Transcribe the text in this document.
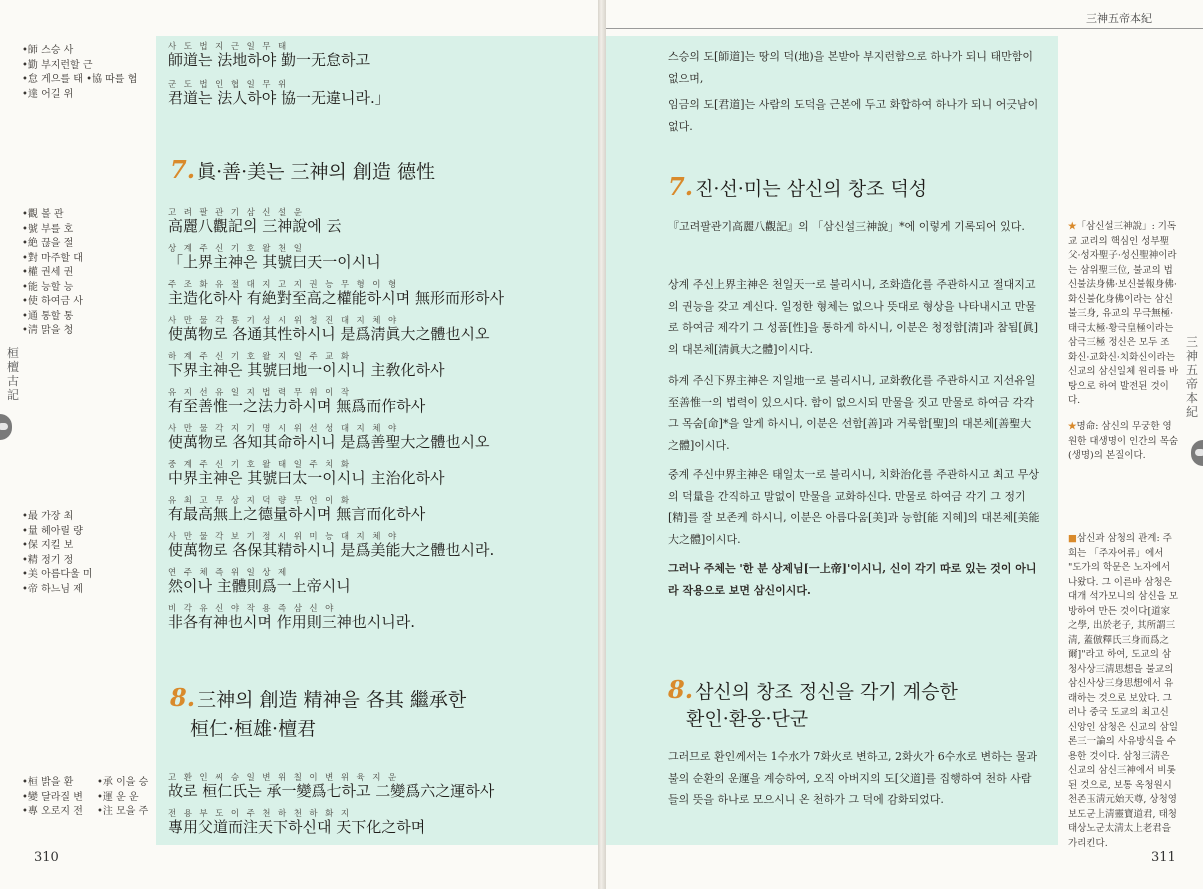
•師 스승 사
•勤 부지런할 근
•怠 게으를 태 •協 따를 협
•達 어길 위
•觀 볼 관
•號 부를 호
•絶 끊을 절
•對 마주할 대
•權 권세 권
•能 능할 능
•使 하여금 사
•通 통할 통
•淸 맑을 청
•最 가장 최
•量 헤아릴 량
•保 지킬 보
•精 정기 정
•美 아름다울 미
•帝 하느님 제
•桓 밝을 환
•變 달라질 변
•專 오로지 전
•承 이을 승
•運 운 운
•注 모을 주
桓檀古記
사 도 법 지 근 일 무 태
師道는 法地하야 勤一无怠하고
군 도 법 인 협 일 무 위
君道는 法人하야 協一无違니라.」
7. 眞·善·美는 三神의 創造 德性
고 려 팔 관 기 삼 신 설 운
高麗八觀記의 三神說에 云
상 계 주 신 기 호 왈 천 일
「上界主神은 其號曰天一이시니
주 조 화 유 절 대 지 고 지 권 능 무 형 이 형
主造化하사 有絶對至高之權能하시며 無形而形하사
사 만 물 각 통 기 성 시 위 청 진 대 지 체 야
使萬物로 各通其性하시니 是爲淸眞大之體也시오
하 계 주 신 기 호 왈 지 일 주 교 화
下界主神은 其號曰地一이시니 主敎化하사
유 지 선 유 일 지 법 력 무 위 이 작
有至善惟一之法力하시며 無爲而作하사
사 만 물 각 지 기 명 시 위 선 성 대 지 체 야
使萬物로 各知其命하시니 是爲善聖大之體也시오
중 계 주 신 기 호 왈 태 일 주 치 화
中界主神은 其號曰太一이시니 主治化하사
유 최 고 무 상 지 덕 량 무 언 이 화
有最高無上之德量하시며 無言而化하사
사 만 물 각 보 기 정 시 위 미 능 대 지 체 야
使萬物로 各保其精하시니 是爲美能大之體也시라.
연 주 체 즉 위 일 상 제
然이나 主體則爲一上帝시니
비 각 유 신 야 작 용 즉 삼 신 야
非各有神也시며 作用則三神也시니라.
8. 三神의 創造 精神을 各其 繼承한
桓仁·桓雄·檀君
고 환 인 씨 승 일 변 위 칠 이 변 위 육 지 운
故로 桓仁氏는 承一變爲七하고 二變爲六之運하사
전 용 부 도 이 주 천 하 천 하 화 지
專用父道而注天下하신대 天下化之하며
310
三神五帝本紀
스승의 도[師道]는 땅의 덕(地)을 본받아 부지런함으로 하나가 되니 태만함이 없으며,
임금의 도[君道]는 사람의 도덕을 근본에 두고 화합하여 하나가 되니 어긋남이 없다.
7. 진·선·미는 삼신의 창조 덕성
『고려팔관기高麗八觀記』의 「삼신설三神說」*에 이렇게 기록되어 있다.
상계 주신上界主神은 천일天一로 불리시니, 조화造化를 주관하시고 절대지고의 권능을 갖고 계신다. 일정한 형체는 없으나 뜻대로 형상을 나타내시고 만물로 하여금 제각기 그 성품[性]을 통하게 하시니, 이분은 청정함[淸]과 참됨[眞]의 대본체[淸眞大之體]이시다.
하계 주신下界主神은 지일地一로 불리시니, 교화敎化를 주관하시고 지선유일至善惟一의 법력이 있으시다. 함이 없으시되 만물을 짓고 만물로 하여금 각각 그 목숨[命]*을 알게 하시니, 이분은 선함[善]과 거룩함[聖]의 대본체[善聖大之體]이시다.
중계 주신中界主神은 태일太一로 불리시니, 치화治化를 주관하시고 최고 무상의 덕量을 간직하고 말없이 만물을 교화하신다. 만물로 하여금 각기 그 정기[精]를 잘 보존케 하시니, 이분은 아름다움[美]과 능함[能 지혜]의 대본체[美能大之體]이시다.
그러나 주체는 '한 분 상제님[一上帝]'이시니, 신이 각기 따로 있는 것이 아니라 작용으로 보면 삼신이시다.
8. 삼신의 창조 정신을 각기 계승한
환인·환웅·단군
그러므로 환인께서는 1수水가 7화火로 변하고, 2화火가 6수水로 변하는 물과 불의 순환의 운運을 계승하여, 오직 아버지의 도[父道]를 집행하여 천하 사람들의 뜻을 하나로 모으시니 온 천하가 그 덕에 감화되었다.
★「삼신설三神說」: 기독교 교리의 핵심인 성부聖父·성자聖子·성신聖神이라는 삼위聖三位, 불교의 법신불法身佛·보신불報身佛·화신불化身佛이라는 삼신불三身, 유교의 무극無極·태극太極·황극皇極이라는 삼극三極 정신은 모두 조화신·교화신·치화신이라는 신교의 삼신일체 원리를 바탕으로 하여 발전된 것이다.
★명命: 삼신의 무궁한 영원한 대생명이 인간의 목숨(생명)의 본질이다.
■삼신과 삼청의 관계: 주희는 「주자어류」에서 "도가의 학문은 노자에서 나왔다. 그 이른바 삼청은 대개 석가모니의 삼신을 모방하여 만든 것이다[道家之學, 出於老子, 其所謂三淸, 蓋倣釋氏三身而爲之爾]"라고 하여, 도교의 삼청사상三淸思想을 불교의 삼신사상三身思想에서 유래하는 것으로 보았다. 그러나 중국 도교의 최고신 신앙인 삼청은 신교의 삼일론三一論의 사유방식을 수용한 것이다. 삼청三淸은 신교의 삼신三神에서 비롯된 것으로, 보통 옥청원시천존玉淸元始天尊, 상청영보도군上淸靈寶道君, 태청태상노군太淸太上老君을 가리킨다.
三神五帝本紀
311
